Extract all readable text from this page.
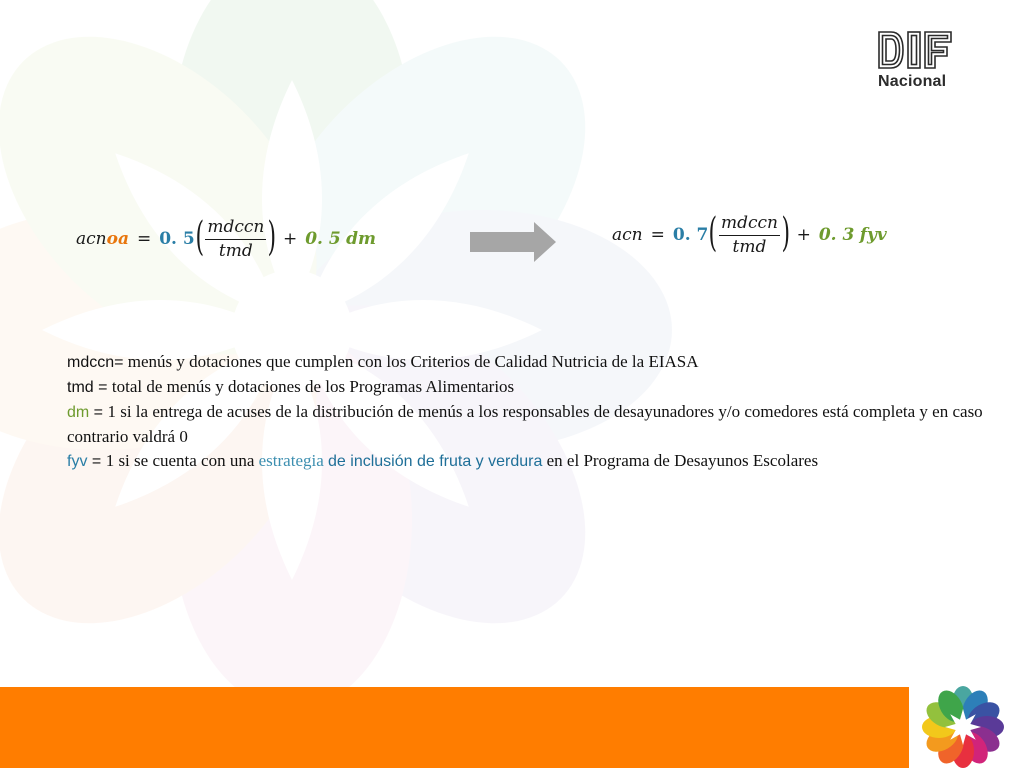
Nacional
acn oa = 0. 5 ( $\frac{\text{mdccn}}{\text{tmd}}$ ) + 0. 5
dm	acn = 0. 7 ( $\frac{\text{mdccn}}{\text{tmd}}$ ) + 0. 3
fyv

mdccn= menús y dotaciones que cumplen con los Criterios de Calidad Nutricia de la EIASA

tmd = total de menús y dotaciones de los Programas Alimentarios

dm = 1 si la entrega de acuses de la distribución de menús a los responsables de desayunadores y/o comedores está completa y en caso contrario valdrá 0

fyv = 1 si se cuenta con una estrategia de inclusión de fruta y verdura en el Programa de Desayunos Escolares
